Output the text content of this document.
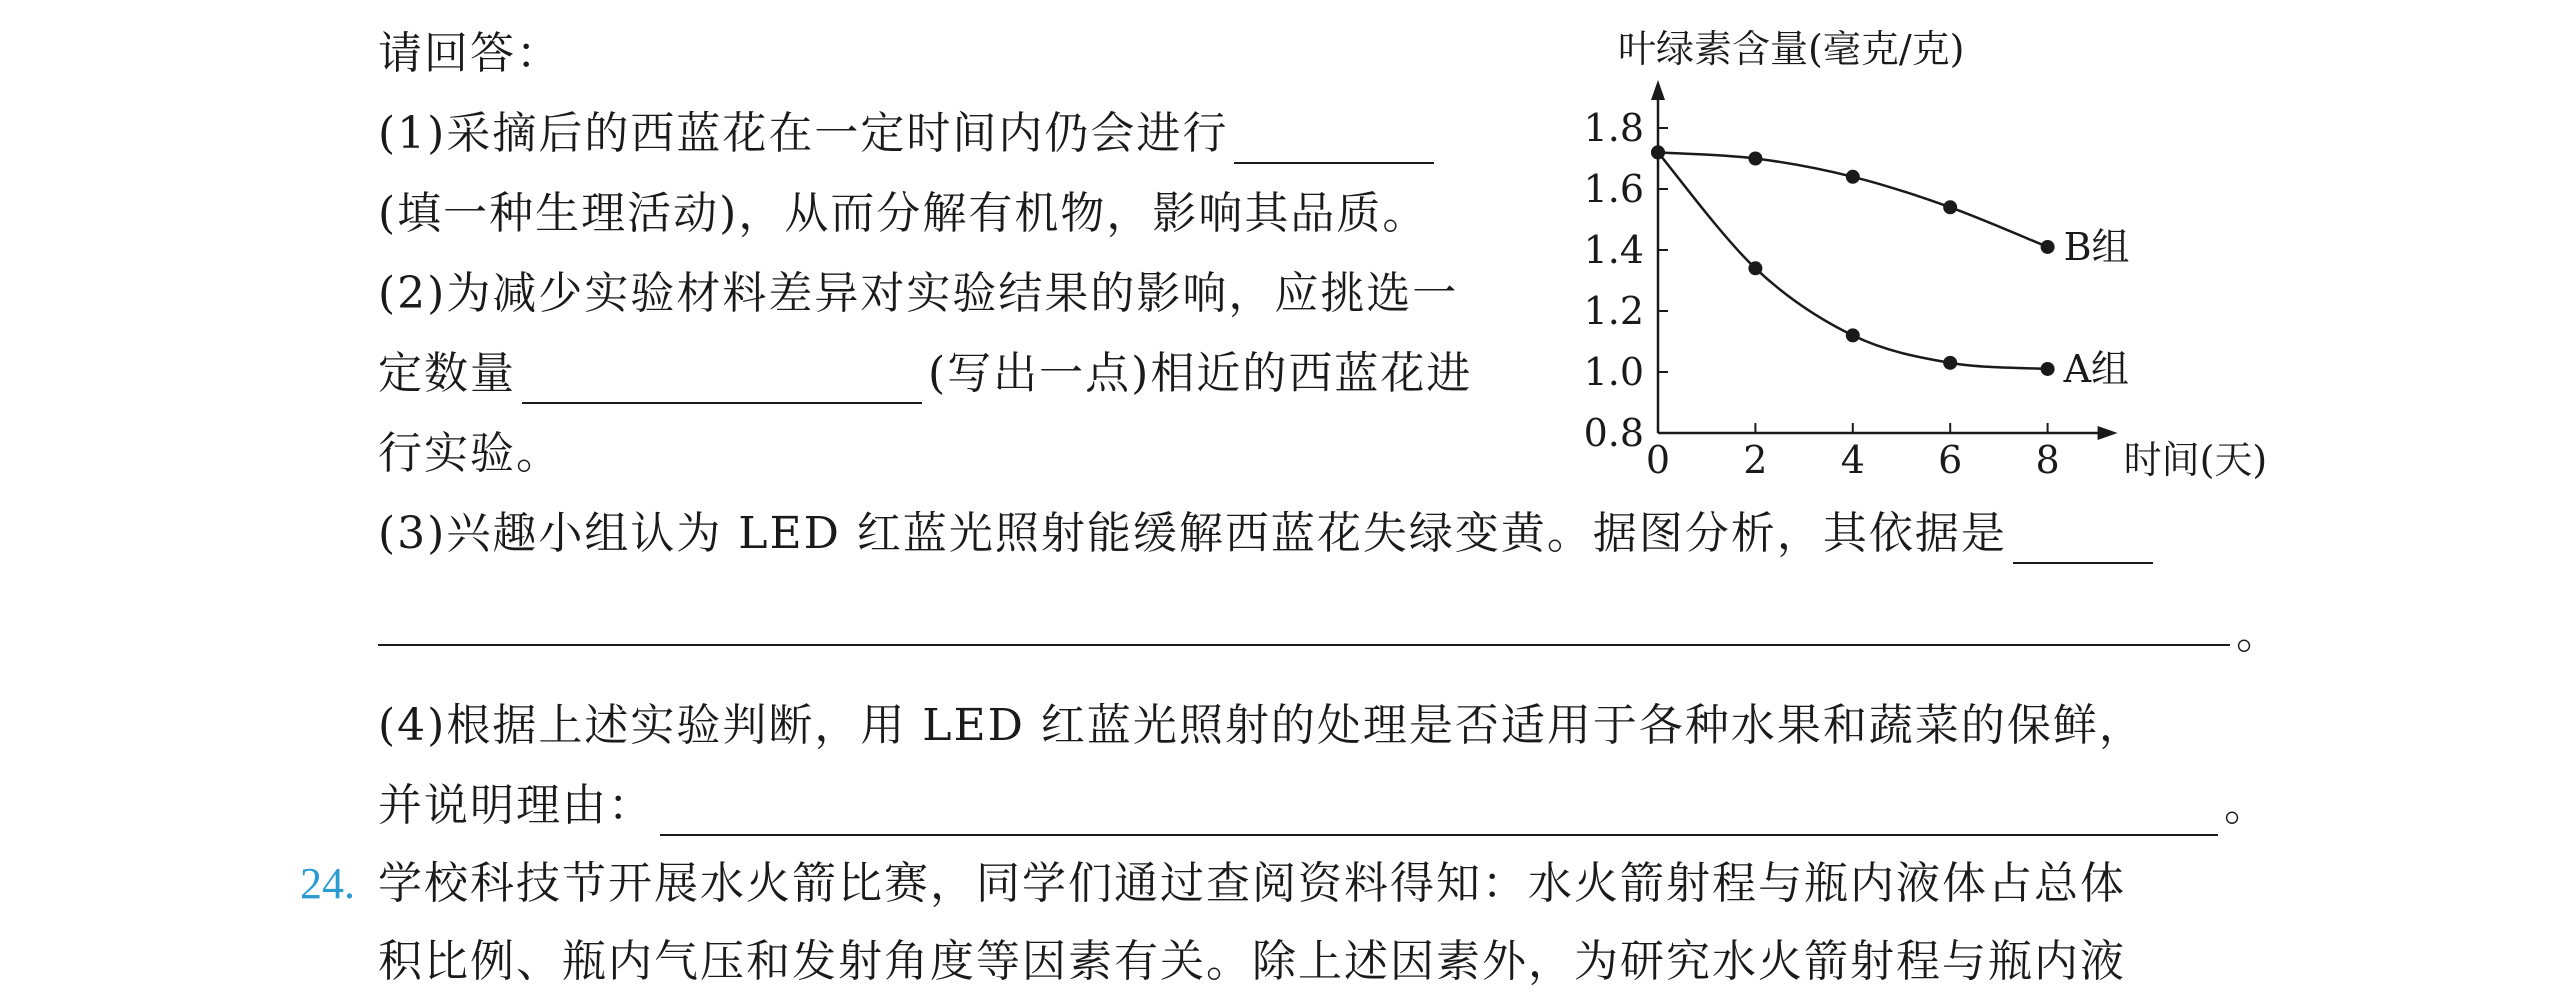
请回答：
(1)采摘后的西蓝花在一定时间内仍会进行
(填一种生理活动)，从而分解有机物，影响其品质。
(2)为减少实验材料差异对实验结果的影响，应挑选一
定数量	(写出一点)相近的西蓝花进
行实验。
(3)兴趣小组认为 LED 红蓝光照射能缓解西蓝花失绿变黄。据图分析，其依据是
。
(4)根据上述实验判断，用 LED 红蓝光照射的处理是否适用于各种水果和蔬菜的保鲜，
并说明理由：	。
24. 学校科技节开展水火箭比赛，同学们通过查阅资料得知：水火箭射程与瓶内液体占总体
积比例、瓶内气压和发射角度等因素有关。除上述因素外，为研究水火箭射程与瓶内液
0.8
1.0
1.2
1.4
1.6
1.8
0 2 4 6 8
叶绿素含量(毫克/克)
时间(天)
B组
A组
